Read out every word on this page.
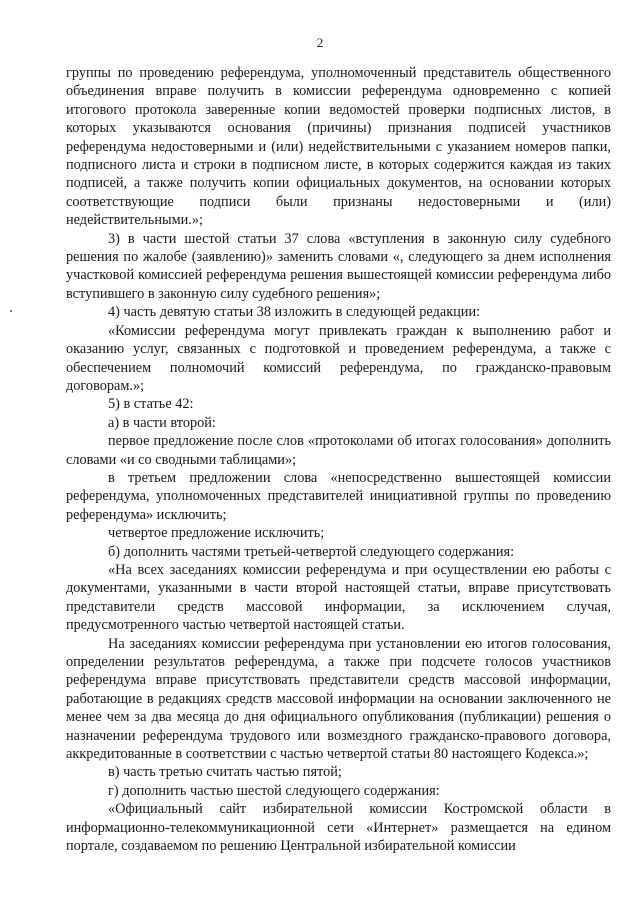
2

группы по проведению референдума, уполномоченный представитель общественного объединения вправе получить в комиссии референдума одновременно с копией итогового протокола заверенные копии ведомостей проверки подписных листов, в которых указываются основания (причины) признания подписей участников референдума недостоверными и (или) недействительными с указанием номеров папки, подписного листа и строки в подписном листе, в которых содержится каждая из таких подписей, а также получить копии официальных документов, на основании которых соответствующие подписи были признаны недостоверными и (или) недействительными.»;

3) в части шестой статьи 37 слова «вступления в законную силу судебного решения по жалобе (заявлению)» заменить словами «, следующего за днем исполнения участковой комиссией референдума решения вышестоящей комиссии референдума либо вступившего в законную силу судебного решения»;

4) часть девятую статьи 38 изложить в следующей редакции:

«Комиссии референдума могут привлекать граждан к выполнению работ и оказанию услуг, связанных с подготовкой и проведением референдума, а также с обеспечением полномочий комиссий референдума, по гражданско-правовым договорам.»;

5) в статье 42:

а) в части второй:

первое предложение после слов «протоколами об итогах голосования» дополнить словами «и со сводными таблицами»;

в третьем предложении слова «непосредственно вышестоящей комиссии референдума, уполномоченных представителей инициативной группы по проведению референдума» исключить;

четвертое предложение исключить;

б) дополнить частями третьей-четвертой следующего содержания:

«На всех заседаниях комиссии референдума и при осуществлении ею работы с документами, указанными в части второй настоящей статьи, вправе присутствовать представители средств массовой информации, за исключением случая, предусмотренного частью четвертой настоящей статьи.

На заседаниях комиссии референдума при установлении ею итогов голосования, определении результатов референдума, а также при подсчете голосов участников референдума вправе присутствовать представители средств массовой информации, работающие в редакциях средств массовой информации на основании заключенного не менее чем за два месяца до дня официального опубликования (публикации) решения о назначении референдума трудового или возмездного гражданско-правового договора, аккредитованные в соответствии с частью четвертой статьи 80 настоящего Кодекса.»;

в) часть третью считать частью пятой;

г) дополнить частью шестой следующего содержания:

«Официальный сайт избирательной комиссии Костромской области в информационно-телекоммуникационной сети «Интернет» размещается на едином портале, создаваемом по решению Центральной избирательной комиссии
